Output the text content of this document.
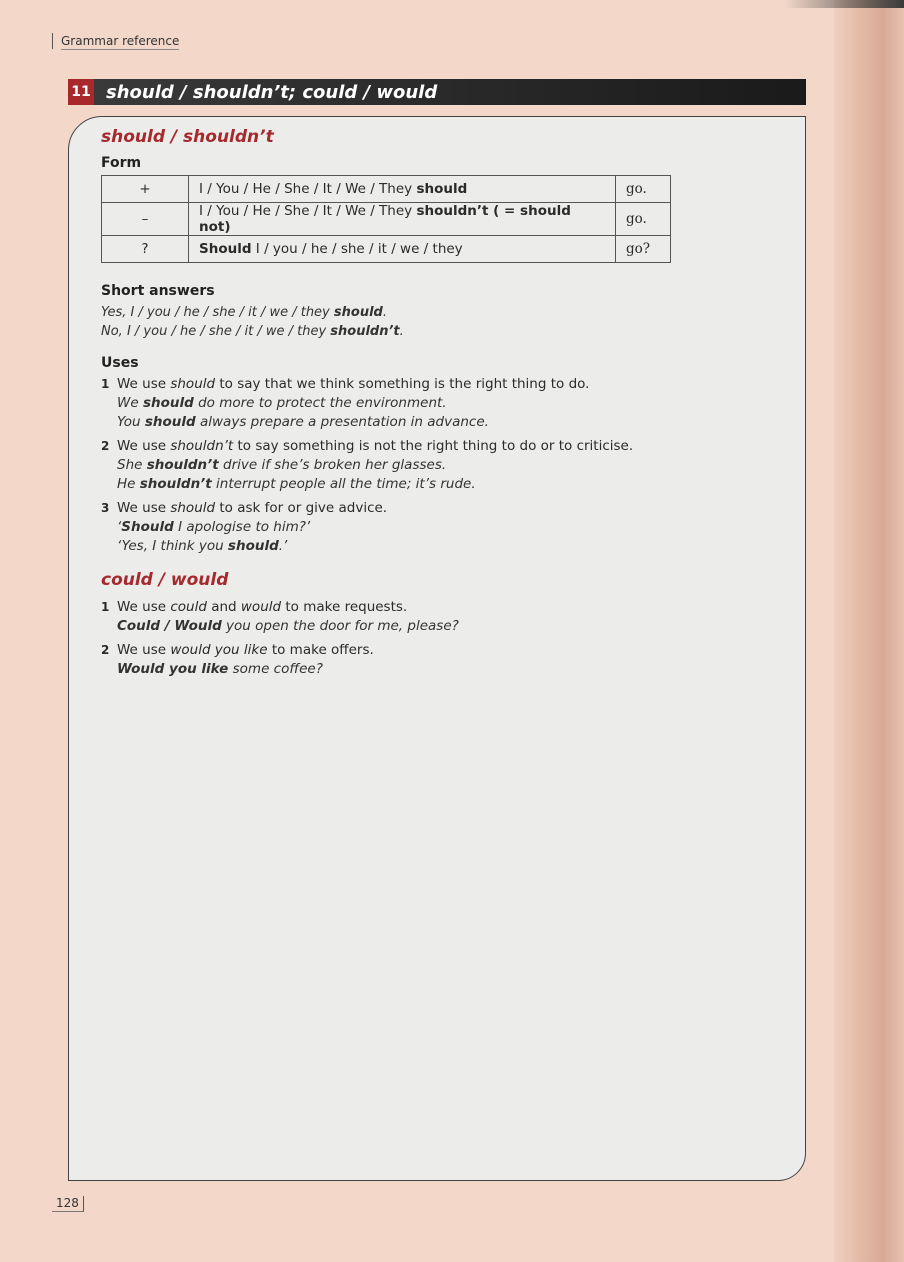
Grammar reference
11 should / shouldn’t; could / would
should / shouldn’t
Form
+	I / You / He / She / It / We / They should	go.
–	I / You / He / She / It / We / They shouldn’t ( = should not)	go.
?	Should I / you / he / she / it / we / they	go?
Short answers
Yes, I / you / he / she / it / we / they should.
No, I / you / he / she / it / we / they shouldn’t.
Uses
1 We use should to say that we think something is the right thing to do.
We should do more to protect the environment.
You should always prepare a presentation in advance.
2 We use shouldn’t to say something is not the right thing to do or to criticise.
She shouldn’t drive if she’s broken her glasses.
He shouldn’t interrupt people all the time; it’s rude.
3 We use should to ask for or give advice.
‘Should I apologise to him?’
‘Yes, I think you should.’
could / would
1 We use could and would to make requests.
Could / Would you open the door for me, please?
2 We use would you like to make offers.
Would you like some coffee?
128
